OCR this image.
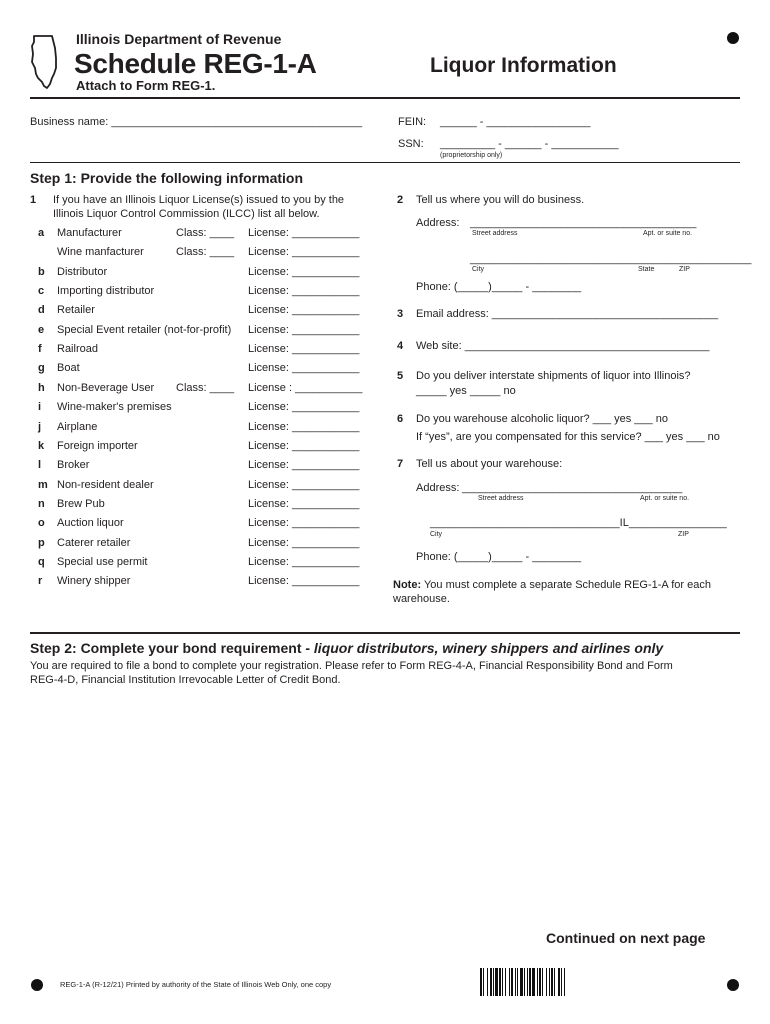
Illinois Department of Revenue
Schedule REG-1-A
Attach to Form REG-1.
Liquor Information
Business name: _________________________________________	FEIN: ______ - _________________
SSN: _________ - ______ - ___________
(proprietorship only)
Step 1: Provide the following information
1 If you have an Illinois Liquor License(s) issued to you by the
Illinois Liquor Control Commission (ILCC) list all below.
a Manufacturer	Class: ____ License: ___________
Wine manfacturer	Class: ____ License: ___________
b Distributor	License: ___________
c Importing distributor	License: ___________
d Retailer	License: ___________
e Special Event retailer (not-for-profit) License: ___________
f Railroad	License: ___________
g Boat	License: ___________
h Non-Beverage User Class: ____ License : ___________
i Wine-maker's premises	License: ___________
j Airplane	License: ___________
k Foreign importer	License: ___________
l Broker	License: ___________
m Non-resident dealer	License: ___________
n Brew Pub	License: ___________
o Auction liquor	License: ___________
p Caterer retailer	License: ___________
q Special use permit	License: ___________
r Winery shipper	License: ___________
2 Tell us where you will do business.
Address: _____________________________________
Street address	Apt. or suite no.
______________________________________________
City	State	ZIP
Phone: (_____)_____ - ________
3 Email address: _____________________________________
4 Web site: ________________________________________
5 Do you deliver interstate shipments of liquor into Illinois?
_____ yes _____ no
6 Do you warehouse alcoholic liquor? ___ yes ___ no
If “yes”, are you compensated for this service? ___ yes ___ no
7 Tell us about your warehouse:
Address: ____________________________________
Street address	Apt. or suite no.
_______________________________IL________________
City	ZIP
Phone: (_____)_____ - ________
Note: You must complete a separate Schedule REG-1-A for each
warehouse.
Step 2: Complete your bond requirement - liquor distributors, winery shippers and airlines only
You are required to file a bond to complete your registration. Please refer to Form REG-4-A, Financial Responsibility Bond and Form
REG-4-D, Financial Institution Irrevocable Letter of Credit Bond.
Continued on next page
REG-1-A (R-12/21) Printed by authority of the State of Illinois Web Only, one copy
